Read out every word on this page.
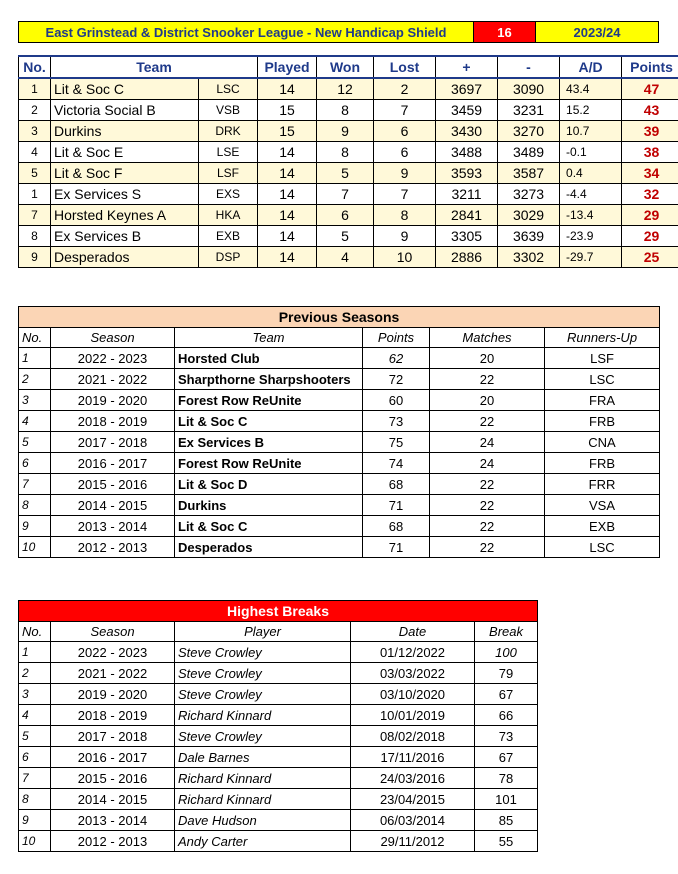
East Grinstead & District Snooker League - New Handicap Shield	16	2023/24
No.	Team		Played	Won	Lost	+	-	A/D	Points
1	Lit & Soc C	LSC	14	12	2	3697	3090	43.4	47
2	Victoria Social B	VSB	15	8	7	3459	3231	15.2	43
3	Durkins	DRK	15	9	6	3430	3270	10.7	39
4	Lit & Soc E	LSE	14	8	6	3488	3489	-0.1	38
5	Lit & Soc F	LSF	14	5	9	3593	3587	0.4	34
1	Ex Services S	EXS	14	7	7	3211	3273	-4.4	32
7	Horsted Keynes A	HKA	14	6	8	2841	3029	-13.4	29
8	Ex Services B	EXB	14	5	9	3305	3639	-23.9	29
9	Desperados	DSP	14	4	10	2886	3302	-29.7	25
Previous Seasons					
No.	Season	Team	Points	Matches	Runners-Up
1	2022 - 2023	Horsted Club	62	20	LSF
2	2021 - 2022	Sharpthorne Sharpshooters	72	22	LSC
3	2019 - 2020	Forest Row ReUnite	60	20	FRA
4	2018 - 2019	Lit & Soc C	73	22	FRB
5	2017 - 2018	Ex Services B	75	24	CNA
6	2016 - 2017	Forest Row ReUnite	74	24	FRB
7	2015 - 2016	Lit & Soc D	68	22	FRR
8	2014 - 2015	Durkins	71	22	VSA
9	2013 - 2014	Lit & Soc C	68	22	EXB
10	2012 - 2013	Desperados	71	22	LSC
Highest Breaks				
No.	Season	Player	Date	Break
1	2022 - 2023	Steve Crowley	01/12/2022	100
2	2021 - 2022	Steve Crowley	03/03/2022	79
3	2019 - 2020	Steve Crowley	03/10/2020	67
4	2018 - 2019	Richard Kinnard	10/01/2019	66
5	2017 - 2018	Steve Crowley	08/02/2018	73
6	2016 - 2017	Dale Barnes	17/11/2016	67
7	2015 - 2016	Richard Kinnard	24/03/2016	78
8	2014 - 2015	Richard Kinnard	23/04/2015	101
9	2013 - 2014	Dave Hudson	06/03/2014	85
10	2012 - 2013	Andy Carter	29/11/2012	55
